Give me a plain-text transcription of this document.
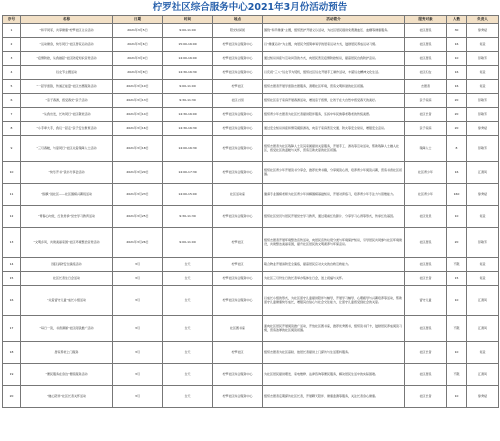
柠罗社区综合服务中心2021年3月份活动预告
序号	名称	日期	时间	地点	活动简介	服务对象	人数	负责人
1	“和平同邻，共享健康”柠罗社区义诊活动	2021年3月5日	9:00-11:00	阳光时间街	围绕“和平健康”主题，组织医护开展义诊活动，为社区居民提供免费测血压、血糖等健康服务。	社区居民	30	徐秀斌
2	“运动健身，快乐同行”社区居家运动活动	2021年3月6日	15:00-16:00	柠罗社区综合服务中心	以“健康运动”为主题，向居民介绍简单易学的居家运动方式，鼓励居民养成运动习惯。	社区居民	16	何意
3	“疫情防控，从我做起”社区防疫知识宣传活动	2021年3月9日	14:00-16:00	柠罗社区综合服务中心	通过知识讲座与互动问答的方式，向居民普及疫情防控知识，提高居民自我防护意识。	社区居民	10	彭敏芳
4	妇女节主题活动	2021年3月8日	14:30-16:30	柠罗社区综合服务中心	以庆祝“三八”妇女节为契机，组织社区妇女开展手工制作活动，丰富妇女精神文化生活。	社区妇女	16	何意
5	“一起学雷锋，传递正能量”社区志愿服务活动	2021年3月10日	9:00-11:00	柠罗社区	组织志愿者开展学雷锋志愿服务，清理社区环境，营造文明和谐的社区氛围。	志愿者	16	何意
6	“亲子春游，感受春光”亲子活动	2021年3月13日	9:30-11:30	社区公园	组织社区亲子家庭开展春游活动，增进亲子感情，让孩子在大自然中感受春天的美好。	亲子家庭	20	彭敏芳
7	“从我出发，长幼同行”社区敬老活动	2021年3月14日	14:30-16:00	柠罗社区综合服务中心	组织青少年志愿者为社区长者提供陪伴服务，弘扬中华民族尊老敬老的传统美德。	社区长者	20	彭敏芳
8	“小手牵大手，我们一起走”亲子安全教育活动	2021年3月16日	14:30-16:30	柠罗社区综合服务中心	通过安全知识讲座和情景模拟游戏，向亲子家庭普及交通、防火等安全常识，增强安全意识。	亲子家庭	20	徐秀斌
9	“三月春暖，与爱同行”社区关爱残障人士活动	2021年3月18日	14:00-16:30	柠罗社区综合服务中心	组织志愿者为社区残障人士及其家属提供关爱服务，开展手工、游戏等互动活动，帮助残障人士融入社区，感受社区的温暖与关怀，营造互助友爱的社区氛围。	残障人士	8	彭敏芳
10	“快乐开书”读书分享会活动	2021年3月20日	14:00-17:30	柠罗社区综合服务中心	组织社区青少年开展读书分享会，推荐优秀书籍，分享阅读心得，培养青少年阅读兴趣，营造书香社区氛围。	社区青少年	16	江清风
11	“围棋”进社区——社区围棋兴趣班活动	2021年3月23日	14:00-15:00	社区活动室	邀请专业围棋老师为社区青少年讲解围棋基础知识，开展对弈练习，培养青少年专注力与思维能力。	社区青少年	160	徐秀斌
12	“青春心向党，红色传承”党史学习教育活动	2021年3月25日	9:30-11:30	柠罗社区综合服务中心	组织社区党员与居民开展党史学习教育，通过观看红色影片、分享学习心得等形式，传承红色基因。	社区党员	10	何意
13	“文明乡风，共建美丽家园”社区环境整治宣传活动	2021年3月26日	9:00-11:00	柠罗社区	组织志愿者开展环境整治宣传活动，向居民宣传垃圾分类与环境保护知识，引导居民共同参与社区环境建设，共建整洁美丽家园，提升社区居民的文明素养与环保意识。	社区居民	20	彭敏芳
14	园区消防安全演练活动	3月	全天	柠罗社区	联合物业开展消防安全演练，提高居民应对火灾的自救互救能力。	社区居民	不限	何意
15	社区长者生日会活动	3月	全天	柠罗社区综合服务中心	为社区三月份生日的长者举办集体生日会，送上祝福与关怀。	社区长者	15	何意
16	“关爱留守儿童”成长小组活动	3月	全天	柠罗社区综合服务中心	以成长小组的形式，为社区留守儿童提供陪伴与辅导，开展学习辅导、心理疏导与兴趣培养等活动，帮助留守儿童健康快乐成长，增强其自信心与社会交往能力，让留守儿童感受到社会的关爱。	留守儿童	10	江清风
17	“每日一读，书香满屋”社区阅读推广活动	3月	全天	社区图书室	面向社区居民开展阅读推广活动，开放社区图书室，推荐优秀图书，组织读书打卡，鼓励居民养成阅读习惯，营造浓厚的社区阅读氛围。	社区居民	不限	江清风
18	居家养老上门服务	3月	全天	柠罗社区	组织志愿者为社区高龄、独居长者提供上门探访与生活照料服务。	社区长者	10	何意
19	“便民服务在身边”便民服务活动	3月	全天	柠罗社区综合服务中心	为社区居民提供理发、家电维修、法律咨询等便民服务，解决居民生活中的实际困难。	社区居民	不限	江清风
20	“暖心陪伴”社区长者关怀活动	3月	全天	柠罗社区综合服务中心	组织志愿者定期探访社区长者，开展聊天陪伴、健康监测等服务，关注长者身心健康。	社区长者	10	徐秀斌
